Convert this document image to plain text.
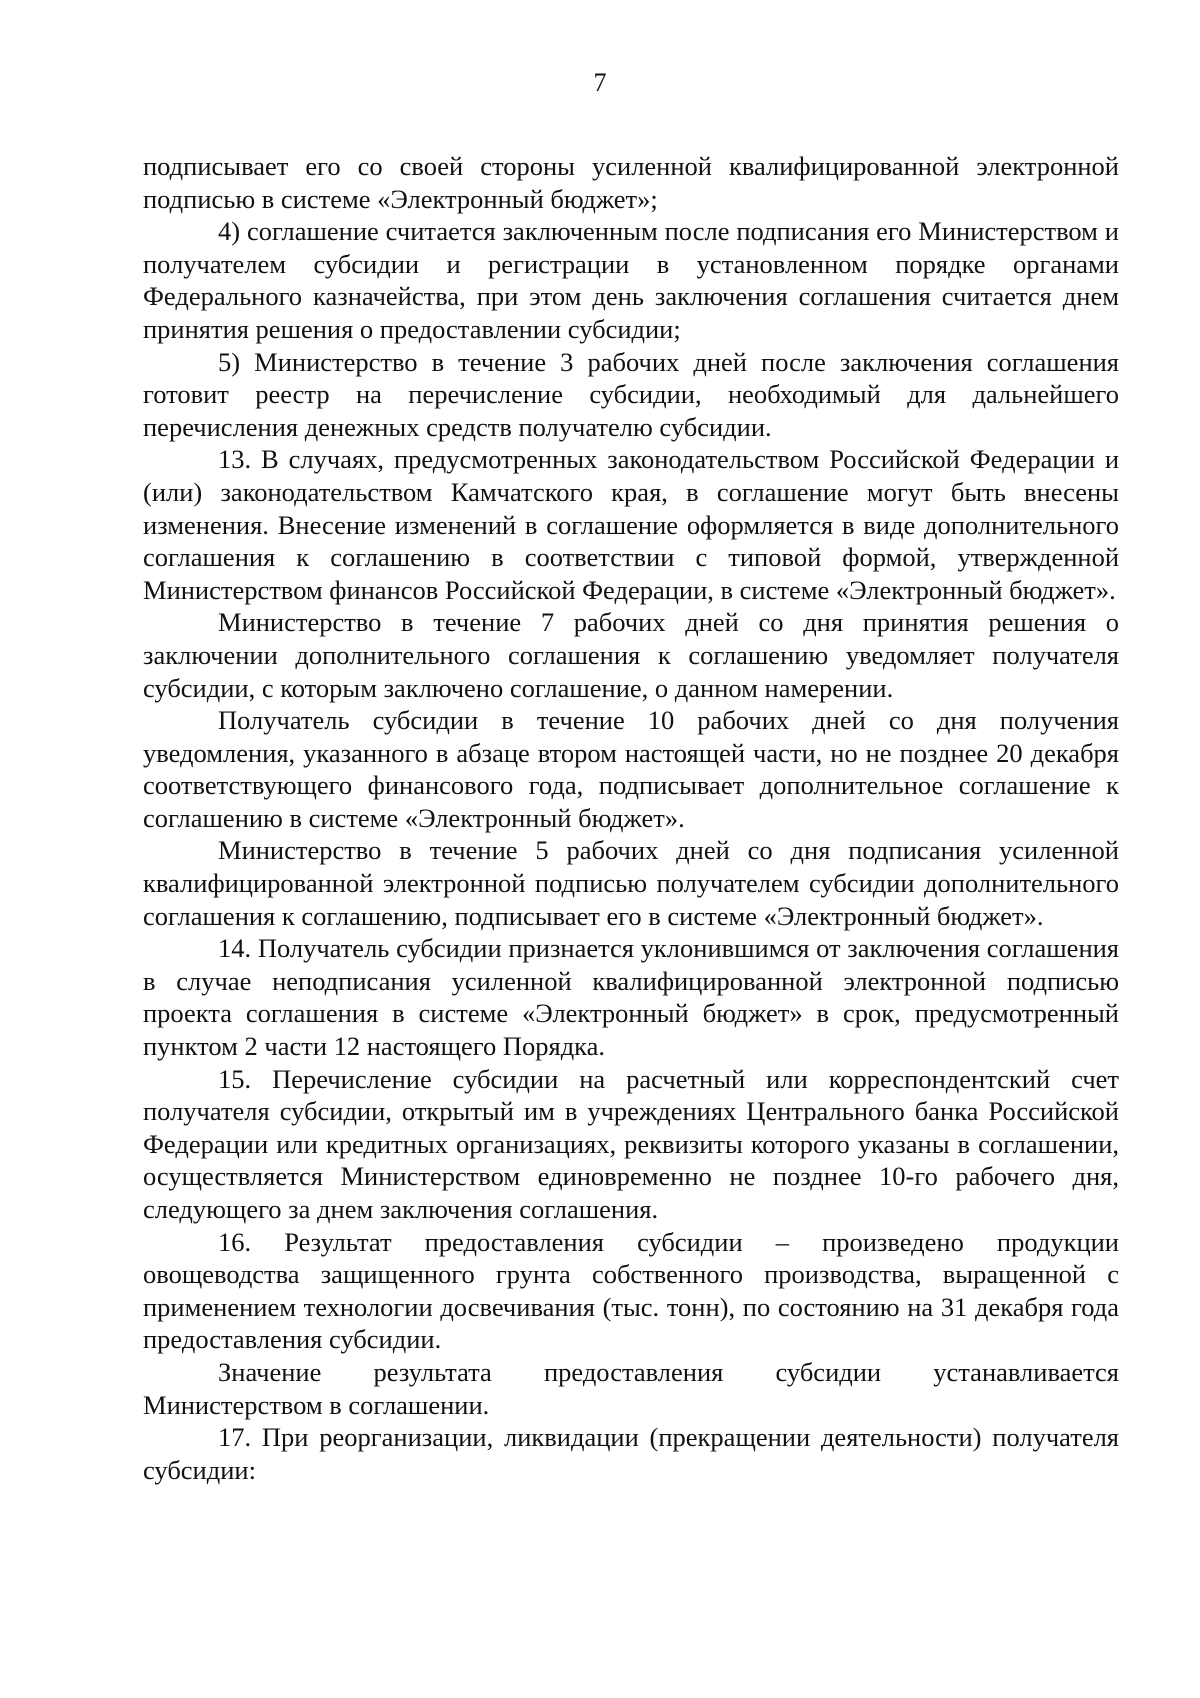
7

подписывает его со своей стороны усиленной квалифицированной электронной подписью в системе «Электронный бюджет»;

4) соглашение считается заключенным после подписания его Министерством и получателем субсидии и регистрации в установленном порядке органами Федерального казначейства, при этом день заключения соглашения считается днем принятия решения о предоставлении субсидии;

5) Министерство в течение 3 рабочих дней после заключения соглашения готовит реестр на перечисление субсидии, необходимый для дальнейшего перечисления денежных средств получателю субсидии.

13. В случаях, предусмотренных законодательством Российской Федерации и (или) законодательством Камчатского края, в соглашение могут быть внесены изменения. Внесение изменений в соглашение оформляется в виде дополнительного соглашения к соглашению в соответствии с типовой формой, утвержденной Министерством финансов Российской Федерации, в системе «Электронный бюджет».

Министерство в течение 7 рабочих дней со дня принятия решения о заключении дополнительного соглашения к соглашению уведомляет получателя субсидии, с которым заключено соглашение, о данном намерении.

Получатель субсидии в течение 10 рабочих дней со дня получения уведомления, указанного в абзаце втором настоящей части, но не позднее 20 декабря соответствующего финансового года, подписывает дополнительное соглашение к соглашению в системе «Электронный бюджет».

Министерство в течение 5 рабочих дней со дня подписания усиленной квалифицированной электронной подписью получателем субсидии дополнительного соглашения к соглашению, подписывает его в системе «Электронный бюджет».

14. Получатель субсидии признается уклонившимся от заключения соглашения в случае неподписания усиленной квалифицированной электронной подписью проекта соглашения в системе «Электронный бюджет» в срок, предусмотренный пунктом 2 части 12 настоящего Порядка.

15. Перечисление субсидии на расчетный или корреспондентский счет получателя субсидии, открытый им в учреждениях Центрального банка Российской Федерации или кредитных организациях, реквизиты которого указаны в соглашении, осуществляется Министерством единовременно не позднее 10-го рабочего дня, следующего за днем заключения соглашения.

16. Результат предоставления субсидии – произведено продукции овощеводства защищенного грунта собственного производства, выращенной с применением технологии досвечивания (тыс. тонн), по состоянию на 31 декабря года предоставления субсидии.

Значение результата предоставления субсидии устанавливается Министерством в соглашении.

17. При реорганизации, ликвидации (прекращении деятельности) получателя субсидии:
